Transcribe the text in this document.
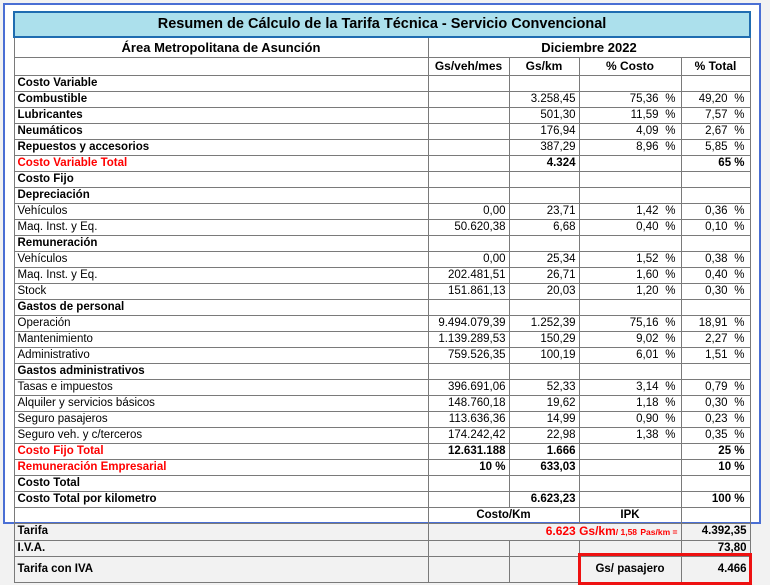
Resumen de Cálculo de la Tarifa Técnica - Servicio Convencional				
Área Metropolitana de Asunción	Diciembre 2022			
	Gs/veh/mes	Gs/km	% Costo	% Total
Costo Variable				
Combustible		3.258,45	75,36 %	49,20 %

Lubricantes		501,30	11,59 %	7,57 %

Neumáticos		176,94	4,09 %	2,67 %

Repuestos y accesorios		387,29	8,96 %	5,85 %

Costo Variable Total		4.324		65 %
Costo Fijo				
Depreciación				
Vehículos	0,00	23,71	1,42 %	0,36 %

Maq. Inst. y Eq.	50.620,38	6,68	0,40 %	0,10 %

Remuneración				
Vehículos	0,00	25,34	1,52 %	0,38 %

Maq. Inst. y Eq.	202.481,51	26,71	1,60 %	0,40 %

Stock	151.861,13	20,03	1,20 %	0,30 %

Gastos de personal				
Operación	9.494.079,39	1.252,39	75,16 %	18,91 %

Mantenimiento	1.139.289,53	150,29	9,02 %	2,27 %

Administrativo	759.526,35	100,19	6,01 %	1,51 %

Gastos administrativos				
Tasas e impuestos	396.691,06	52,33	3,14 %	0,79 %

Alquiler y servicios básicos	148.760,18	19,62	1,18 %	0,30 %

Seguro pasajeros	113.636,36	14,99	0,90 %	0,23 %

Seguro veh. y c/terceros	174.242,42	22,98	1,38 %	0,35 %

Costo Fijo Total	12.631.188	1.666		25 %
Remuneración Empresarial	10 %	633,03		10 %
Costo Total				
Costo Total por kilometro		6.623,23		100 %
	Costo/Km		IPK	
Tarifa	6.623 Gs/km/ 1,58 Pas/km =			4.392,35
I.V.A.				73,80
Tarifa con IVA			Gs/ pasajero	4.466
